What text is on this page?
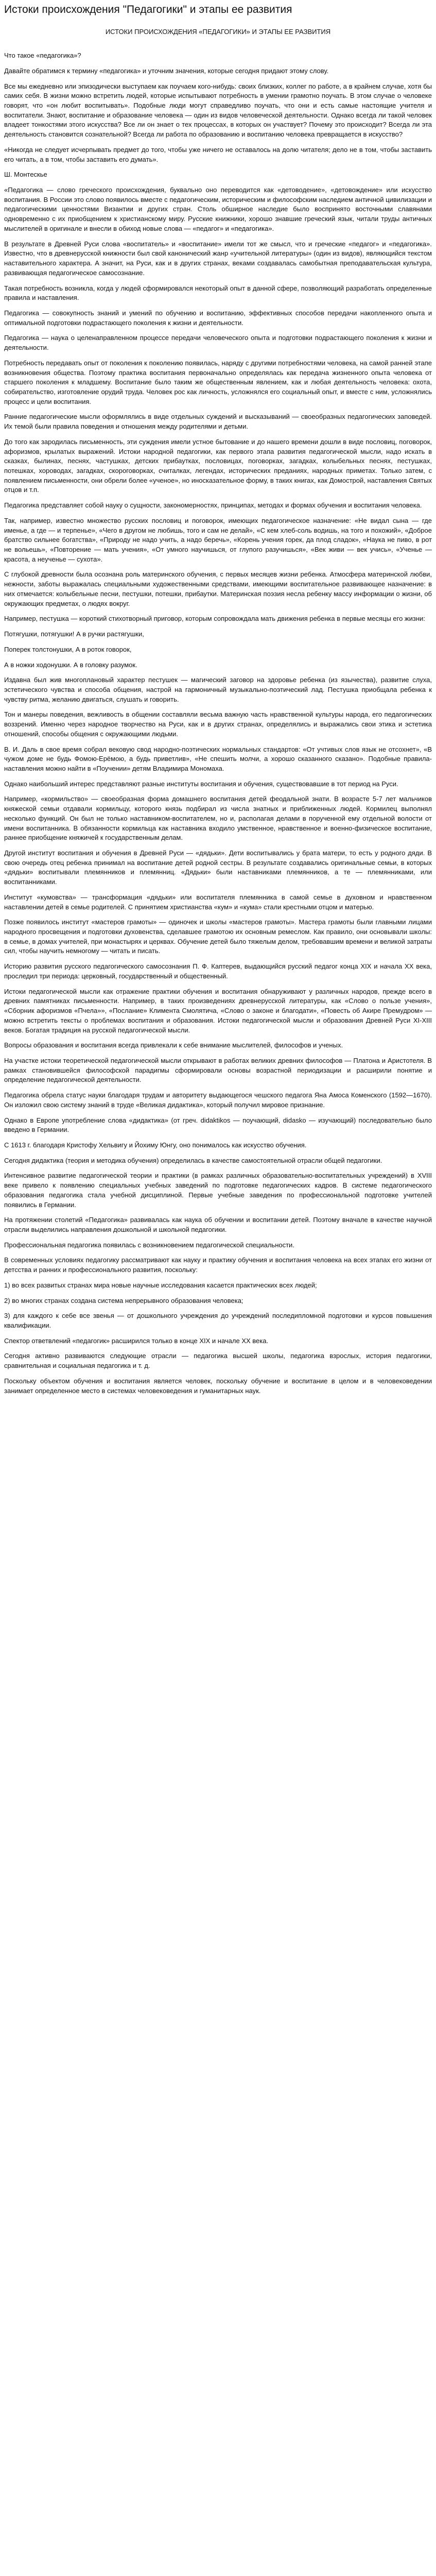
Истоки происхождения "Педагогики" и этапы ее развития
ИСТОКИ ПРОИСХОЖДЕНИЯ «ПЕДАГОГИКИ» И ЭТАПЫ ЕЕ РАЗВИТИЯ

Что такое «педагогика»?

Давайте обратимся к термину «педагогика» и уточним значения, которые сегодня придают этому слову.

Все мы ежедневно или эпизодически выступаем как поучаем кого-нибудь: своих близких, коллег по работе, а в крайнем случае, хотя бы самих себя. В жизни можно встретить людей, которые испытывают потребность в умении грамотно поучать. В этом случае о человеке говорят, что «он любит воспитывать». Подобные люди могут справедливо поучать, что они и есть самые настоящие учителя и воспитатели. Знают, воспитание и образование человека — один из видов человеческой деятельности. Однако всегда ли такой человек владеет тонкостями этого искусства? Все ли он знает о тех процессах, в которых он участвует? Почему это происходит? Всегда ли эта деятельность становится сознательной? Всегда ли работа по образованию и воспитанию человека превращается в искусство?

«Никогда не следует исчерпывать предмет до того, чтобы уже ничего не оставалось на долю читателя; дело не в том, чтобы заставить его читать, а в том, чтобы заставить его думать».

Ш. Монтескье

«Педагогика — слово греческого происхождения, буквально оно переводится как «детоводение», «детовождение» или искусство воспитания. В России это слово появилось вместе с педагогическим, историческим и философским наследием античной цивилизации и педагогическими ценностями Византии и других стран. Столь обширное наследие было воспринято восточными славянами одновременно с их приобщением к христианскому миру. Русские книжники, хорошо знавшие греческий язык, читали труды античных мыслителей в оригинале и внесли в обиход новые слова — «педагог» и «педагогика».

В результате в Древней Руси слова «воспитатель» и «воспитание» имели тот же смысл, что и греческие «педагог» и «педагогика». Известно, что в древнерусской книжности был свой канонический жанр «учительной литературы» (один из видов), являющийся текстом наставительного характера. А значит, на Руси, как и в других странах, веками создавалась самобытная преподавательская культура, развивающая педагогическое самосознание.

Такая потребность возникла, когда у людей сформировался некоторый опыт в данной сфере, позволяющий разработать определенные правила и наставления.

Педагогика — совокупность знаний и умений по обучению и воспитанию, эффективных способов передачи накопленного опыта и оптимальной подготовки подрастающего поколения к жизни и деятельности.

Педагогика — наука о целенаправленном процессе передачи человеческого опыта и подготовки подрастающего поколения к жизни и деятельности.

Потребность передавать опыт от поколения к поколению появилась, наряду с другими потребностями человека, на самой ранней этапе возникновения общества. Поэтому практика воспитания первоначально определялась как передача жизненного опыта человека от старшего поколения к младшему. Воспитание было таким же общественным явлением, как и любая деятельность человека: охота, собирательство, изготовление орудий труда. Человек рос как личность, усложнялся его социальный опыт, и вместе с ним, усложнялись процесс и цели воспитания.

Ранние педагогические мысли оформлялись в виде отдельных суждений и высказываний — своеобразных педагогических заповедей. Их темой были правила поведения и отношения между родителями и детьми.

До того как зародилась письменность, эти суждения имели устное бытование и до нашего времени дошли в виде пословиц, поговорок, афоризмов, крылатых выражений. Истоки народной педагогики, как первого этапа развития педагогической мысли, надо искать в сказках, былинах, песнях, частушках, детских прибаутках, пословицах, поговорках, загадках, колыбельных песнях, пестушках, потешках, хороводах, загадках, скороговорках, считалках, легендах, исторических преданиях, народных приметах. Только затем, с появлением письменности, они обрели более «ученое», но иносказательное форму, в таких книгах, как Домострой, наставления Святых отцов и т.п.

Педагогика представляет собой науку о сущности, закономерностях, принципах, методах и формах обучения и воспитания человека.

Так, например, известно множество русских пословиц и поговорок, имеющих педагогическое назначение: «Не видал сына — где именье, а где — и терпенье», «Чего в другом не любишь, того и сам не делай», «С кем хлеб-соль водишь, на того и похожий», «Доброе братство сильнее богатства», «Природу не надо учить, а надо беречь», «Корень учения горек, да плод сладок», «Наука не пиво, в рот не вольешь», «Повторение — мать учения», «От умного научишься, от глупого разучишься», «Век живи — век учись», «Ученье — красота, а неученье — сухота».

С глубокой древности была осознана роль материнского обучения, с первых месяцев жизни ребенка. Атмосфера материнской любви, нежности, заботы выражалась специальными художественными средствами, имеющими воспитательное развивающее назначение: в них отмечается: колыбельные песни, пестушки, потешки, прибаутки. Материнская поэзия несла ребенку массу информации о жизни, об окружающих предметах, о людях вокруг.

Например, пестушка — короткий стихотворный приговор, которым сопровождала мать движения ребенка в первые месяцы его жизни:

Потягушки, потягушки! А в ручки растягушки,

Поперек толстонушки, А в роток говорок,

А в ножки ходонушки. А в головку разумок.

Издавна был жив многоплановый характер пестушек — магический заговор на здоровье ребенка (из язычества), развитие слуха, эстетического чувства и способа общения, настрой на гармоничный музыкально-поэтический лад. Пестушка приобщала ребенка к чувству ритма, желанию двигаться, слушать и говорить.

Тон и манеры поведения, вежливость в общении составляли весьма важную часть нравственной культуры народа, его педагогических воззрений. Именно через народное творчество на Руси, как и в других странах, определялись и выражались свои этика и эстетика отношений, способы общения с окружающими людьми.

В. И. Даль в свое время собрал вековую свод народно-поэтических нормальных стандартов: «От учтивых слов язык не отсохнет», «В чужом доме не будь Фомою-Ерёмою, а будь приветлив», «Не спешить молчи, а хорошо сказанного сказано». Подобные правила-наставления можно найти в «Поучении» детям Владимира Мономаха.

Однако наибольший интерес представляют разные институты воспитания и обучения, существовавшие в тот период на Руси.

Например, «кормильство» — своеобразная форма домашнего воспитания детей феодальной знати. В возрасте 5-7 лет мальчиков княжеской семьи отдавали кормильцу, которого князь подбирал из числа знатных и приближенных людей. Кормилец выполнял несколько функций. Он был не только наставником-воспитателем, но и, располагая делами в порученной ему отдельной волости от имени воспитанника. В обязанности кормильца как наставника входило умственное, нравственное и военно-физическое воспитание, раннее приобщение княжичей к государственным делам.

Другой институт воспитания и обучения в Древней Руси — «дядьки». Дети воспитывались у брата матери, то есть у родного дяди. В свою очередь отец ребенка принимал на воспитание детей родной сестры. В результате создавались оригинальные семьи, в которых «дядьки» воспитывали племянников и племянниц. «Дядьки» были наставниками племянников, а те — племянниками, или воспитанниками.

Институт «кумовства» — трансформация «дядьки» или воспитателя племянника в самой семье в духовном и нравственном наставлении детей в семье родителей. С принятием христианства «кум» и «кума» стали крестными отцом и матерью.

Позже появилось институт «мастеров грамоты» — одиночек и школы «мастеров грамоты». Мастера грамоты были главными лицами народного просвещения и подготовки духовенства, сделавшее грамотою их основным ремеслом. Как правило, они основывали школы: в семье, в домах учителей, при монастырях и церквах. Обучение детей было тяжелым делом, требовавшим времени и великой затраты сил, чтобы научить немногому — читать и писать.

Историю развития русского педагогического самосознания П. Ф. Каптерев, выдающийся русский педагог конца XIX и начала XX века, проследил три периода: церковный, государственный и общественный.

Истоки педагогической мысли как отражение практики обучения и воспитания обнаруживают у различных народов, прежде всего в древних памятниках письменности. Например, в таких произведениях древнерусской литературы, как «Слово о пользе учения», «Сборник афоризмов «Пчела»», «Послание» Климента Смолятича, «Слово о законе и благодати», «Повесть об Акире Премудром» — можно встретить тексты о проблемах воспитания и образования. Истоки педагогической мысли и образования Древней Руси XI-XIII веков. Богатая традиция на русской педагогической мысли.

Вопросы образования и воспитания всегда привлекали к себе внимание мыслителей, философов и ученых.

На участке истоки теоретической педагогической мысли открывают в работах великих древних философов — Платона и Аристотеля. В рамках становившейся философской парадигмы сформировали основы возрастной периодизации и расширили понятие и определение педагогической деятельности.

Педагогика обрела статус науки благодаря трудам и авторитету выдающегося чешского педагога Яна Амоса Коменского (1592—1670). Он изложил свою систему знаний в труде «Великая дидактика», который получил мировое признание.

Однако в Европе употребление слова «дидактика» (от греч. didaktikos — поучающий, didasko — изучающий) последовательно было введено в Германии.

С 1613 г. благодаря Кристофу Хельвигу и Йохиму Юнгу, оно понималось как искусство обучения.

Сегодня дидактика (теория и методика обучения) определилась в качестве самостоятельной отрасли общей педагогики.

Интенсивное развитие педагогической теории и практики (в рамках различных образовательно-воспитательных учреждений) в XVIII веке привело к появлению специальных учебных заведений по подготовке педагогических кадров. В системе педагогического образования педагогика стала учебной дисциплиной. Первые учебные заведения по профессиональной подготовке учителей появились в Германии.

На протяжении столетий «Педагогика» развивалась как наука об обучении и воспитании детей. Поэтому вначале в качестве научной отрасли выделились направления дошкольной и школьной педагогики.

Профессиональная педагогика появилась с возникновением педагогической специальности.

В современных условиях педагогику рассматривают как науку и практику обучения и воспитания человека на всех этапах его жизни от детсства и ранних и профессионального развития, поскольку:

1) во всех развитых странах мира новые научные исследования касается практических всех людей;

2) во многих странах создана система непрерывного образования человека;

3) для каждого к себе все звенья — от дошкольного учреждения до учреждений последипломной подготовки и курсов повышения квалификации.

Спектор ответвлений «педагогик» расширился только в конце XIX и начале XX века.

Сегодня активно развиваются следующие отрасли — педагогика высшей школы, педагогика взрослых, история педагогики, сравнительная и социальная педагогика и т. д.

Поскольку объектом обучения и воспитания является человек, поскольку обучение и воспитание в целом и в человековедении занимает определенное место в системах человековедения и гуманитарных наук.
